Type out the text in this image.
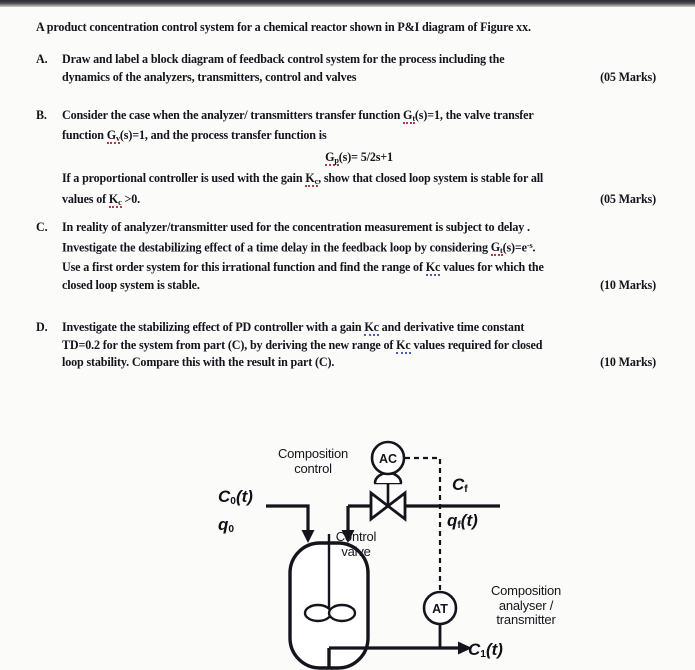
A product concentration control system for a chemical reactor shown in P&I diagram of Figure xx.
A.	Draw and label a block diagram of feedback control system for the process including the

(05 Marks)
dynamics of the analyzers, transmitters, control and valves
B.	Consider the case when the analyzer/ transmitters transfer function $G_t(s)=1$, the valve transfer
function $G_v(s)=1$, and the process transfer function is
$G_p(s)= 5/2s+1$
If a proportional controller is used with the gain $K_c$, show that closed loop system is stable for all

(05 Marks)
values of $K_c >0$.
C.	In reality of analyzer/transmitter used for the concentration measurement is subject to delay .
Investigate the destabilizing effect of a time delay in the feedback loop by considering $G_t(s)=e^{-s}$.
Use a first order system for this irrational function and find the range of Kc values for which the

(10 Marks)
closed loop system is stable.
D.	Investigate the stabilizing effect of PD controller with a gain Kc and derivative time constant
TD=0.2 for the system from part (C), by deriving the new range of Kc values required for closed

(10 Marks)
loop stability. Compare this with the result in part (C).
AC
AT
Composition
control
Control
valve
Composition
analyser /
transmitter
$C_0(t)$
$q_0$
$C_f$
$q_f(t)$
$C_1(t)$
